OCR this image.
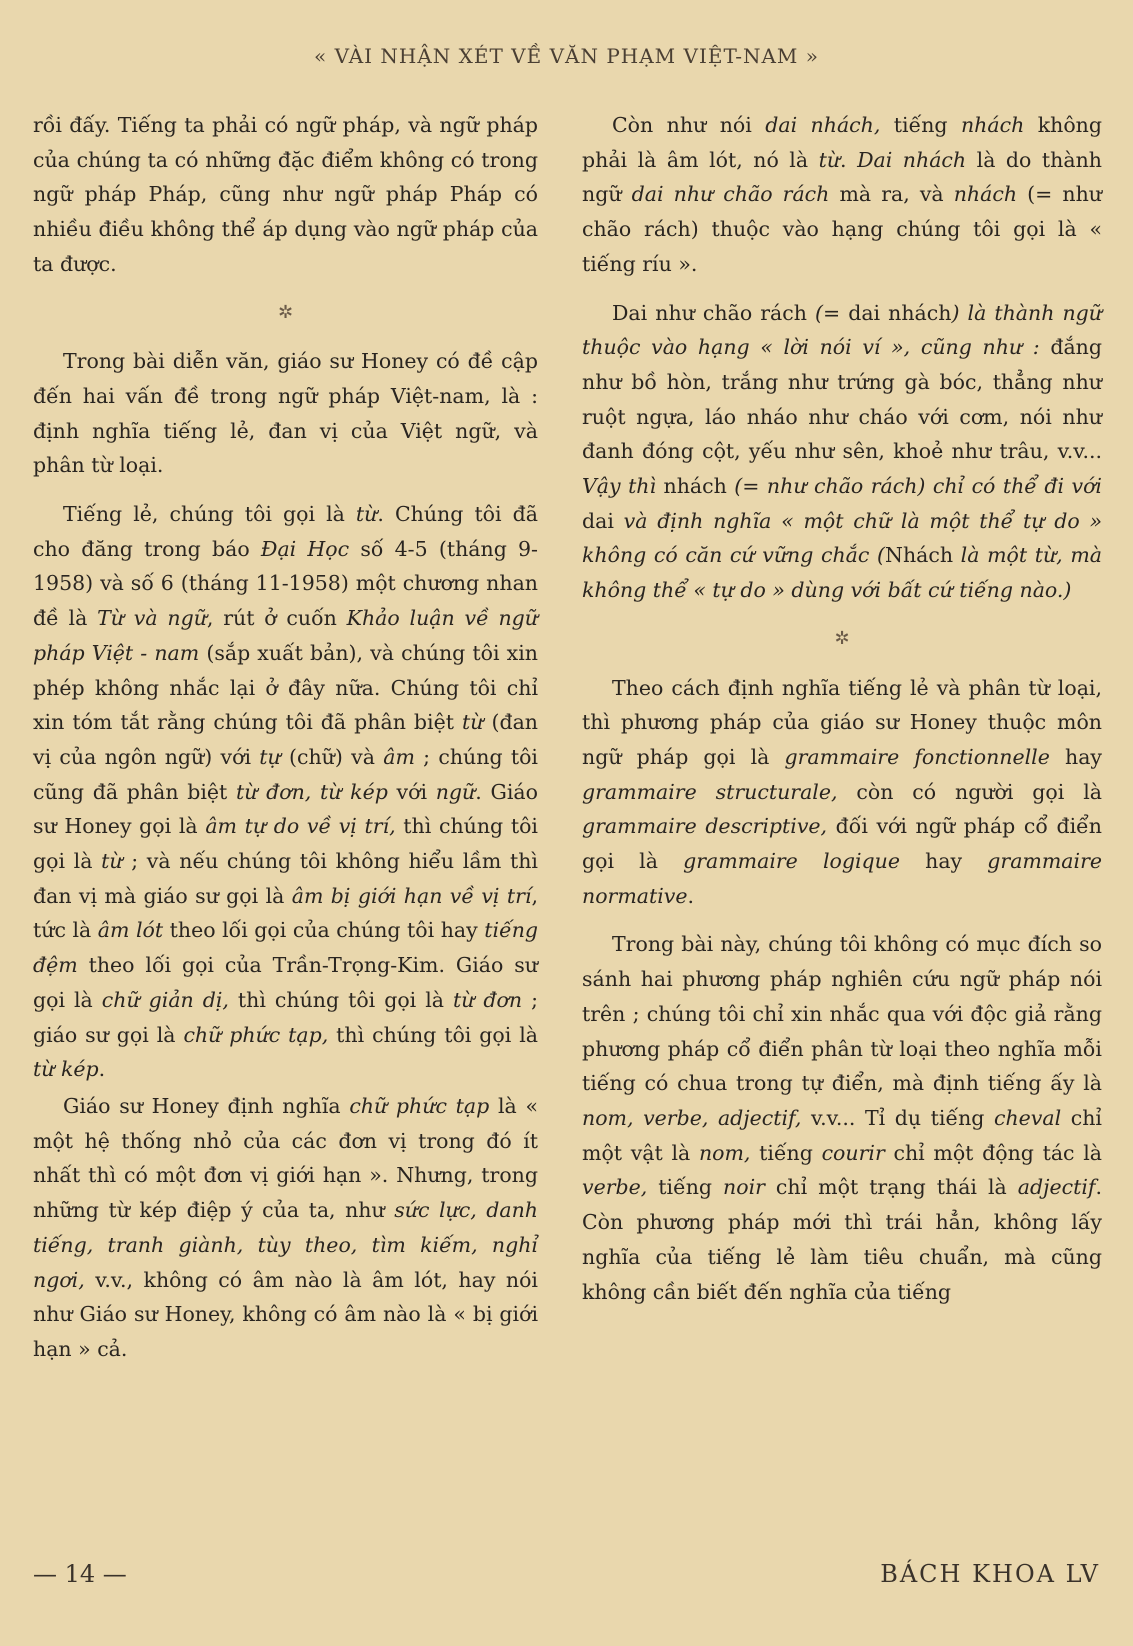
« VÀI NHẬN XÉT VỀ VĂN PHẠM VIỆT-NAM »

rồi đấy. Tiếng ta phải có ngữ pháp, và ngữ pháp của chúng ta có những đặc điểm không có trong ngữ pháp Pháp, cũng như ngữ pháp Pháp có nhiều điều không thể áp dụng vào ngữ pháp của ta được.

✲

Trong bài diễn văn, giáo sư Honey có đề cập đến hai vấn đề trong ngữ pháp Việt-nam, là : định nghĩa tiếng lẻ, đan vị của Việt ngữ, và phân từ loại.

Tiếng lẻ, chúng tôi gọi là từ. Chúng tôi đã cho đăng trong báo Đại Học số 4-5 (tháng 9-1958) và số 6 (tháng 11-1958) một chương nhan đề là Từ và ngữ, rút ở cuốn Khảo luận về ngữ pháp Việt - nam (sắp xuất bản), và chúng tôi xin phép không nhắc lại ở đây nữa. Chúng tôi chỉ xin tóm tắt rằng chúng tôi đã phân biệt từ (đan vị của ngôn ngữ) với tự (chữ) và âm ; chúng tôi cũng đã phân biệt từ đơn, từ kép với ngữ. Giáo sư Honey gọi là âm tự do về vị trí, thì chúng tôi gọi là từ ; và nếu chúng tôi không hiểu lầm thì đan vị mà giáo sư gọi là âm bị giới hạn về vị trí, tức là âm lót theo lối gọi của chúng tôi hay tiếng đệm theo lối gọi của Trần-Trọng-Kim. Giáo sư gọi là chữ giản dị, thì chúng tôi gọi là từ đơn ; giáo sư gọi là chữ phức tạp, thì chúng tôi gọi là từ kép.

Giáo sư Honey định nghĩa chữ phức tạp là « một hệ thống nhỏ của các đơn vị trong đó ít nhất thì có một đơn vị giới hạn ». Nhưng, trong những từ kép điệp ý của ta, như sức lực, danh tiếng, tranh giành, tùy theo, tìm kiếm, nghỉ ngơi, v.v., không có âm nào là âm lót, hay nói như Giáo sư Honey, không có âm nào là « bị giới hạn » cả.

Còn như nói dai nhách, tiếng nhách không phải là âm lót, nó là từ. Dai nhách là do thành ngữ dai như chão rách mà ra, và nhách (= như chão rách) thuộc vào hạng chúng tôi gọi là « tiếng ríu ».

Dai như chão rách (= dai nhách) là thành ngữ thuộc vào hạng « lời nói ví », cũng như : đắng như bồ hòn, trắng như trứng gà bóc, thẳng như ruột ngựa, láo nháo như cháo với cơm, nói như đanh đóng cột, yếu như sên, khoẻ như trâu, v.v... Vậy thì nhách (= như chão rách) chỉ có thể đi với dai và định nghĩa « một chữ là một thể tự do » không có căn cứ vững chắc (Nhách là một từ, mà không thể « tự do » dùng với bất cứ tiếng nào.)

✲

Theo cách định nghĩa tiếng lẻ và phân từ loại, thì phương pháp của giáo sư Honey thuộc môn ngữ pháp gọi là grammaire fonctionnelle hay grammaire structurale, còn có người gọi là grammaire descriptive, đối với ngữ pháp cổ điển gọi là grammaire logique hay grammaire normative.

Trong bài này, chúng tôi không có mục đích so sánh hai phương pháp nghiên cứu ngữ pháp nói trên ; chúng tôi chỉ xin nhắc qua với độc giả rằng phương pháp cổ điển phân từ loại theo nghĩa mỗi tiếng có chua trong tự điển, mà định tiếng ấy là nom, verbe, adjectif, v.v... Tỉ dụ tiếng cheval chỉ một vật là nom, tiếng courir chỉ một động tác là verbe, tiếng noir chỉ một trạng thái là adjectif. Còn phương pháp mới thì trái hẳn, không lấy nghĩa của tiếng lẻ làm tiêu chuẩn, mà cũng không cần biết đến nghĩa của tiếng

— 14 —	BÁCH KHOA LV
